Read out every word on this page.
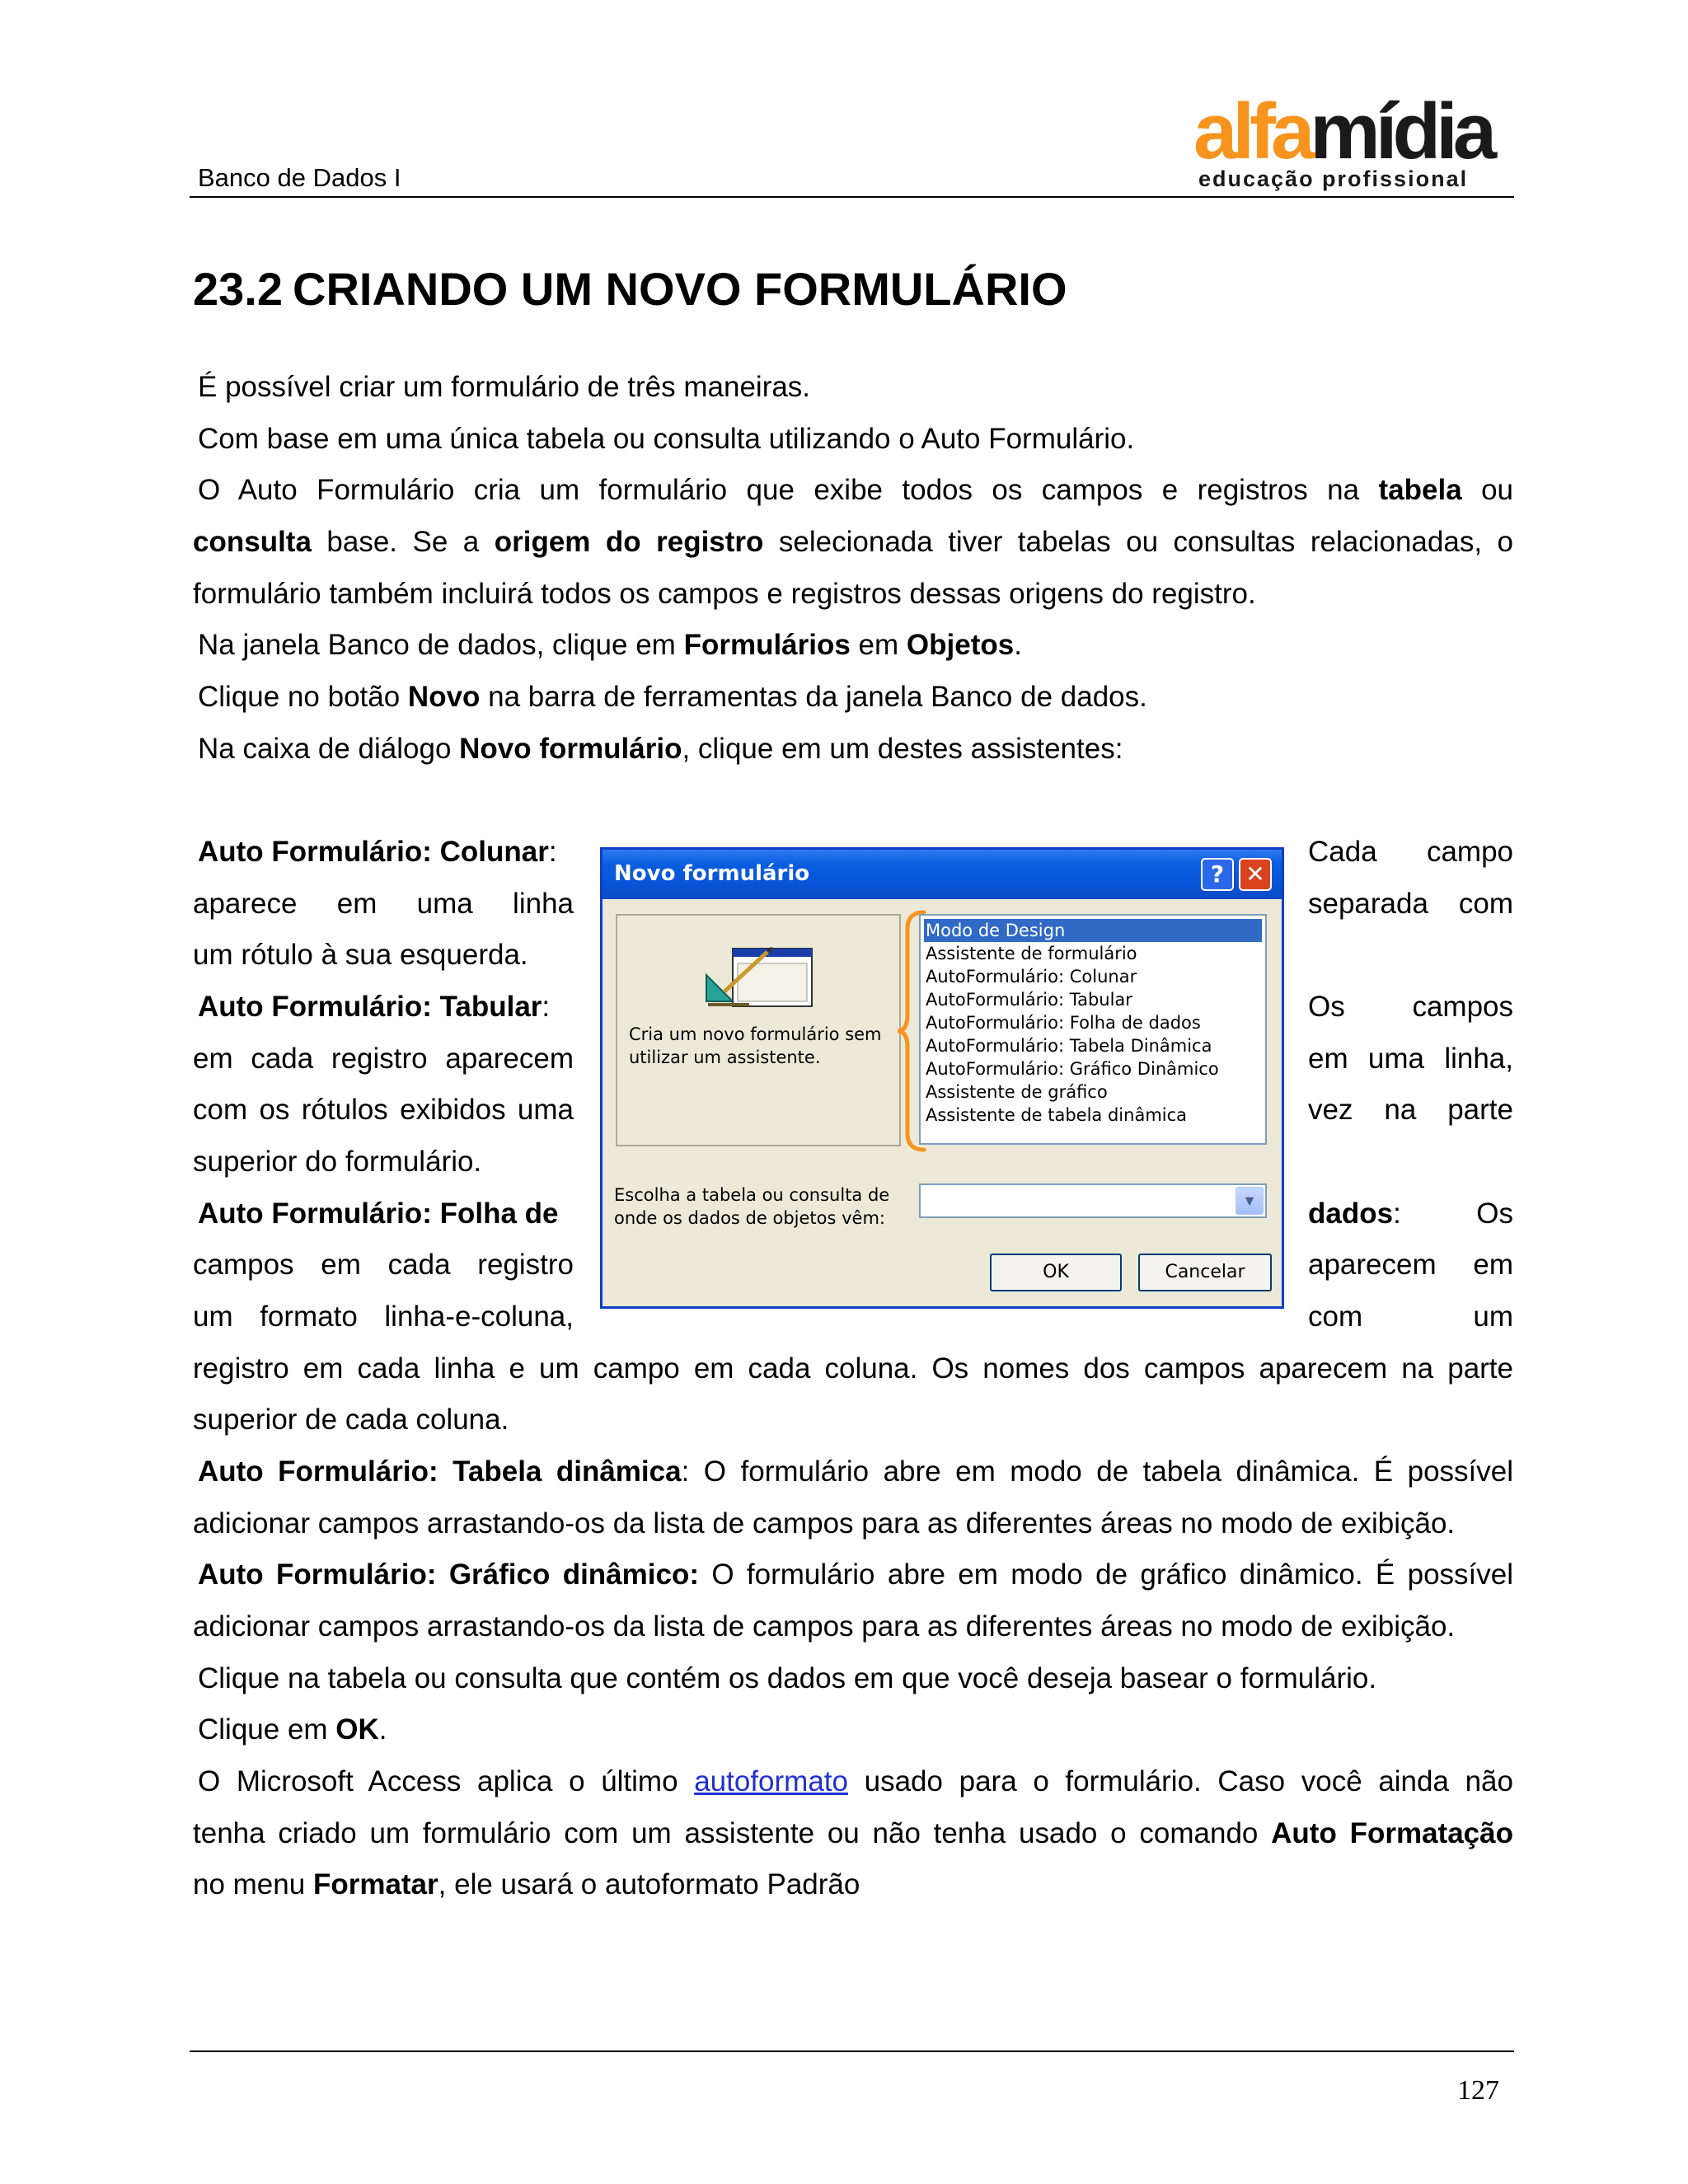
Banco de Dados I
alfamídia
educação profissional
23.2 CRIANDO UM NOVO FORMULÁRIO
É possível criar um formulário de três maneiras.
Com base em uma única tabela ou consulta utilizando o Auto Formulário.
O Auto Formulário cria um formulário que exibe todos os campos e registros na tabela ou
consulta base. Se a origem do registro selecionada tiver tabelas ou consultas relacionadas, o
formulário também incluirá todos os campos e registros dessas origens do registro.
Na janela Banco de dados, clique em Formulários em Objetos.
Clique no botão Novo na barra de ferramentas da janela Banco de dados.
Na caixa de diálogo Novo formulário, clique em um destes assistentes:
Auto Formulário: Colunar:
aparece em uma linha
um rótulo à sua esquerda.
Auto Formulário: Tabular:
em cada registro aparecem
com os rótulos exibidos uma
superior do formulário.
Auto Formulário: Folha de
campos em cada registro
um formato linha-e-coluna,
Cada campo
separada com
Os campos
em uma linha,
vez na parte
dados: Os
aparecem em
com um
Novo formulário	? ✕
Cria um novo formulário sem
utilizar um assistente.
Modo de Design
Assistente de formulário
AutoFormulário: Colunar
AutoFormulário: Tabular
AutoFormulário: Folha de dados
AutoFormulário: Tabela Dinâmica
AutoFormulário: Gráfico Dinâmico
Assistente de gráfico
Assistente de tabela dinâmica
Escolha a tabela ou consulta de
onde os dados de objetos vêm:
▼
OK	Cancelar
registro em cada linha e um campo em cada coluna. Os nomes dos campos aparecem na parte
superior de cada coluna.
Auto Formulário: Tabela dinâmica: O formulário abre em modo de tabela dinâmica. É possível
adicionar campos arrastando-os da lista de campos para as diferentes áreas no modo de exibição.
Auto Formulário: Gráfico dinâmico: O formulário abre em modo de gráfico dinâmico. É possível
adicionar campos arrastando-os da lista de campos para as diferentes áreas no modo de exibição.
Clique na tabela ou consulta que contém os dados em que você deseja basear o formulário.
Clique em OK.
O Microsoft Access aplica o último autoformato usado para o formulário. Caso você ainda não
tenha criado um formulário com um assistente ou não tenha usado o comando Auto Formatação
no menu Formatar, ele usará o autoformato Padrão
127
